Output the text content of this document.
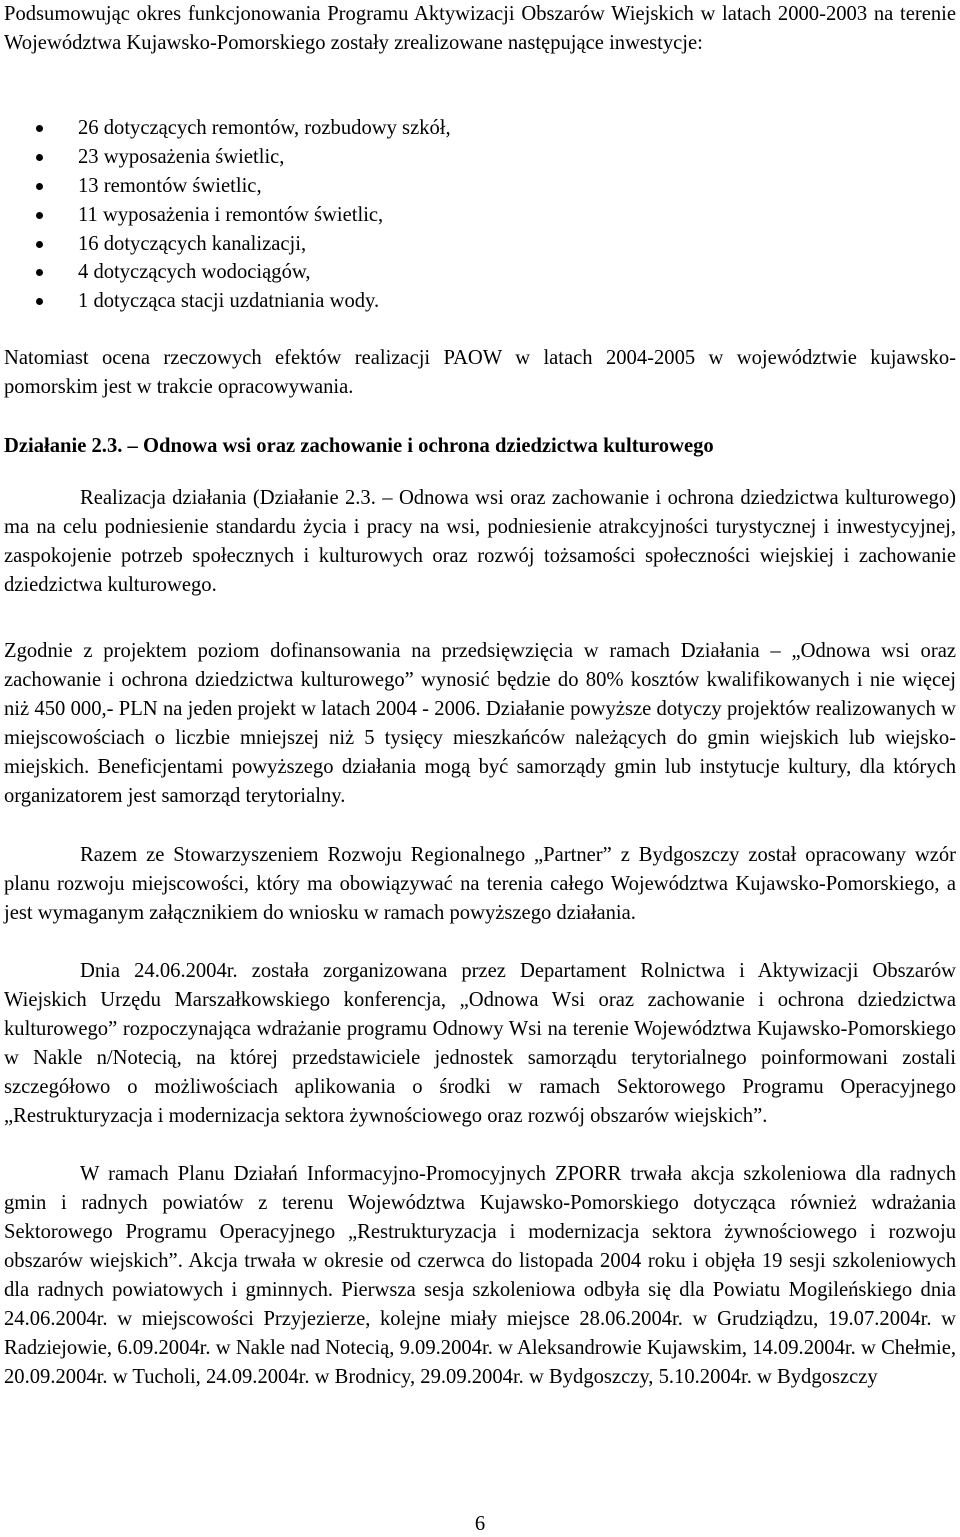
Podsumowując okres funkcjonowania Programu Aktywizacji Obszarów Wiejskich w latach 2000-2003 na terenie Województwa Kujawsko-Pomorskiego zostały zrealizowane następujące inwestycje:

26 dotyczących remontów, rozbudowy szkół,
23 wyposażenia świetlic,
13 remontów świetlic,
11 wyposażenia i remontów świetlic,
16 dotyczących kanalizacji,
4 dotyczących wodociągów,
1 dotycząca stacji uzdatniania wody.

Natomiast ocena rzeczowych efektów realizacji PAOW w latach 2004-2005 w województwie kujawsko-pomorskim jest w trakcie opracowywania.

Działanie 2.3. – Odnowa wsi oraz zachowanie i ochrona dziedzictwa kulturowego

Realizacja działania (Działanie 2.3. – Odnowa wsi oraz zachowanie i ochrona dziedzictwa kulturowego) ma na celu podniesienie standardu życia i pracy na wsi, podniesienie atrakcyjności turystycznej i inwestycyjnej, zaspokojenie potrzeb społecznych i kulturowych oraz rozwój tożsamości społeczności wiejskiej i zachowanie dziedzictwa kulturowego.

Zgodnie z projektem poziom dofinansowania na przedsięwzięcia w ramach Działania – „Odnowa wsi oraz zachowanie i ochrona dziedzictwa kulturowego” wynosić będzie do 80% kosztów kwalifikowanych i nie więcej niż 450 000,- PLN na jeden projekt w latach 2004 - 2006. Działanie powyższe dotyczy projektów realizowanych w miejscowościach o liczbie mniejszej niż 5 tysięcy mieszkańców należących do gmin wiejskich lub wiejsko-miejskich. Beneficjentami powyższego działania mogą być samorządy gmin lub instytucje kultury, dla których organizatorem jest samorząd terytorialny.

Razem ze Stowarzyszeniem Rozwoju Regionalnego „Partner” z Bydgoszczy został opracowany wzór planu rozwoju miejscowości, który ma obowiązywać na terenia całego Województwa Kujawsko-Pomorskiego, a jest wymaganym załącznikiem do wniosku w ramach powyższego działania.

Dnia 24.06.2004r. została zorganizowana przez Departament Rolnictwa i Aktywizacji Obszarów Wiejskich Urzędu Marszałkowskiego konferencja, „Odnowa Wsi oraz zachowanie i ochrona dziedzictwa kulturowego” rozpoczynająca wdrażanie programu Odnowy Wsi na terenie Województwa Kujawsko-Pomorskiego w Nakle n/Notecią, na której przedstawiciele jednostek samorządu terytorialnego poinformowani zostali szczegółowo o możliwościach aplikowania o środki w ramach Sektorowego Programu Operacyjnego „Restrukturyzacja i modernizacja sektora żywnościowego oraz rozwój obszarów wiejskich”.

W ramach Planu Działań Informacyjno-Promocyjnych ZPORR trwała akcja szkoleniowa dla radnych gmin i radnych powiatów z terenu Województwa Kujawsko-Pomorskiego dotycząca również wdrażania Sektorowego Programu Operacyjnego „Restrukturyzacja i modernizacja sektora żywnościowego i rozwoju obszarów wiejskich”. Akcja trwała w okresie od czerwca do listopada 2004 roku i objęła 19 sesji szkoleniowych dla radnych powiatowych i gminnych. Pierwsza sesja szkoleniowa odbyła się dla Powiatu Mogileńskiego dnia 24.06.2004r. w miejscowości Przyjezierze, kolejne miały miejsce 28.06.2004r. w Grudziądzu, 19.07.2004r. w Radziejowie, 6.09.2004r. w Nakle nad Notecią, 9.09.2004r. w Aleksandrowie Kujawskim, 14.09.2004r. w Chełmie, 20.09.2004r. w Tucholi, 24.09.2004r. w Brodnicy, 29.09.2004r. w Bydgoszczy, 5.10.2004r. w Bydgoszczy

6
